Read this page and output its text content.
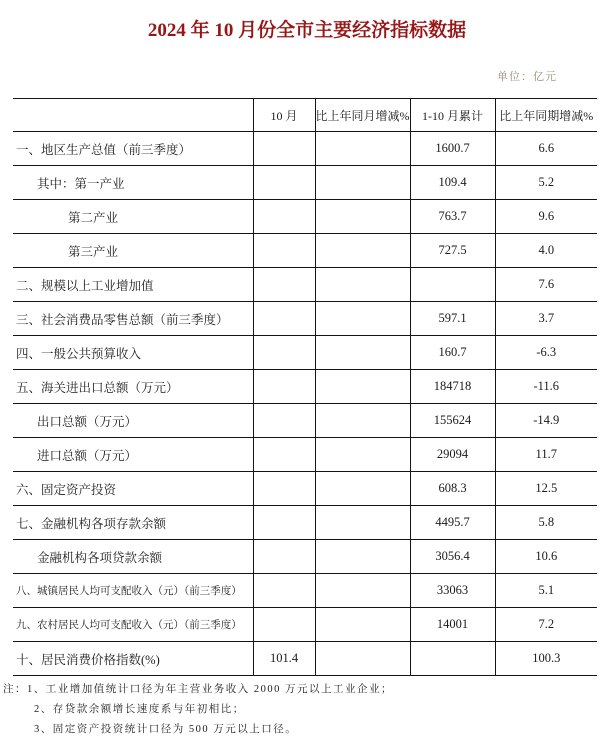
2024 年 10 月份全市主要经济指标数据
单位：亿元
	10 月	比上年同月增减%	1-10 月累计	比上年同期增减%
一、地区生产总值（前三季度）			1600.7	6.6
其中：第一产业			109.4	5.2
第二产业			763.7	9.6
第三产业			727.5	4.0
二、规模以上工业增加值				7.6
三、社会消费品零售总额（前三季度）			597.1	3.7
四、一般公共预算收入			160.7	-6.3
五、海关进出口总额（万元）			184718	-11.6
出口总额（万元）			155624	-14.9
进口总额（万元）			29094	11.7
六、固定资产投资			608.3	12.5
七、金融机构各项存款余额			4495.7	5.8
金融机构各项贷款余额			3056.4	10.6
八、城镇居民人均可支配收入（元）（前三季度）			33063	5.1
九、农村居民人均可支配收入（元）（前三季度）			14001	7.2
十、居民消费价格指数(%)	101.4			100.3
注：1、工业增加值统计口径为年主营业务收入 2000 万元以上工业企业；
2、存贷款余额增长速度系与年初相比；
3、固定资产投资统计口径为 500 万元以上口径。
